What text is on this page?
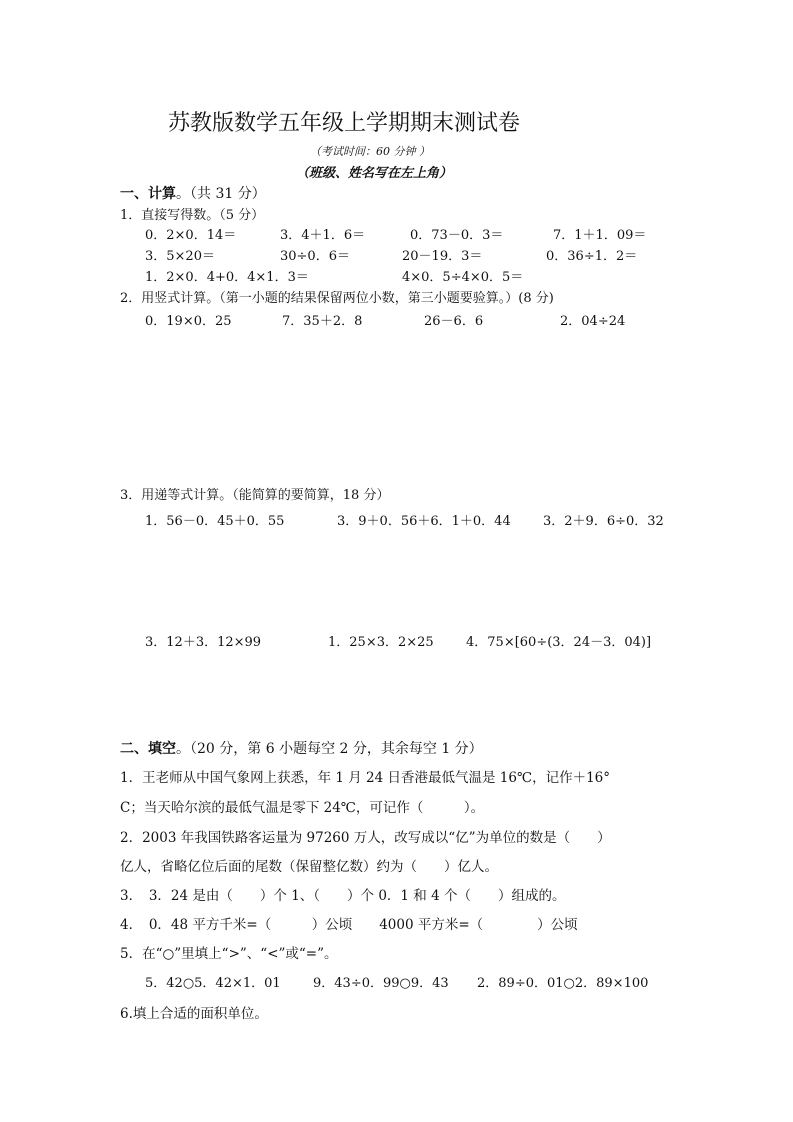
苏教版数学五年级上学期期末测试卷
（考试时间：60 分钟 ）
（班级、姓名写在左上角）
一、计算。（共 31 分）
1．直接写得数。（5 分）
0．2×0．14＝	3．4＋1．6＝	0．73－0．3＝	7．1＋1．09＝
3．5×20＝	30÷0．6＝	20－19．3＝	0．36÷1．2＝
1．2×0．4+0．4×1．3＝	4×0．5÷4×0．5＝
2．用竖式计算。（第一小题的结果保留两位小数，第三小题要验算。）(8 分)
0．19×0．25	7．35＋2．8	26－6．6	2．04÷24
3．用递等式计算。（能简算的要简算，18 分）
1．56－0．45＋0．55	3．9＋0．56＋6．1＋0．44 3．2＋9．6÷0．32
3．12＋3．12×99	1．25×3．2×25 4．75×[60÷(3．24－3．04)]
二、填空。（20 分，第 6 小题每空 2 分，其余每空 1 分）
1．王老师从中国气象网上获悉，年 1 月 24 日香港最低气温是 16℃，记作＋16°
C；当天哈尔滨的最低气温是零下 24℃，可记作（　　　）。
2．2003 年我国铁路客运量为 97260 万人，改写成以“亿”为单位的数是（　　）
亿人，省略亿位后面的尾数（保留整亿数）约为（　　）亿人。
3．　3．24 是由（　　）个 1、（　　）个 0．1 和 4 个（　　）组成的。
4．　0．48 平方千米=（　　　）公顷　　4000 平方米=（　　　　）公顷
5．在“○”里填上“>”、“<”或“=”。
5．42○5．42×1．01 9．43÷0．99○9．43 2．89÷0．01○2．89×100
6.填上合适的面积单位。
